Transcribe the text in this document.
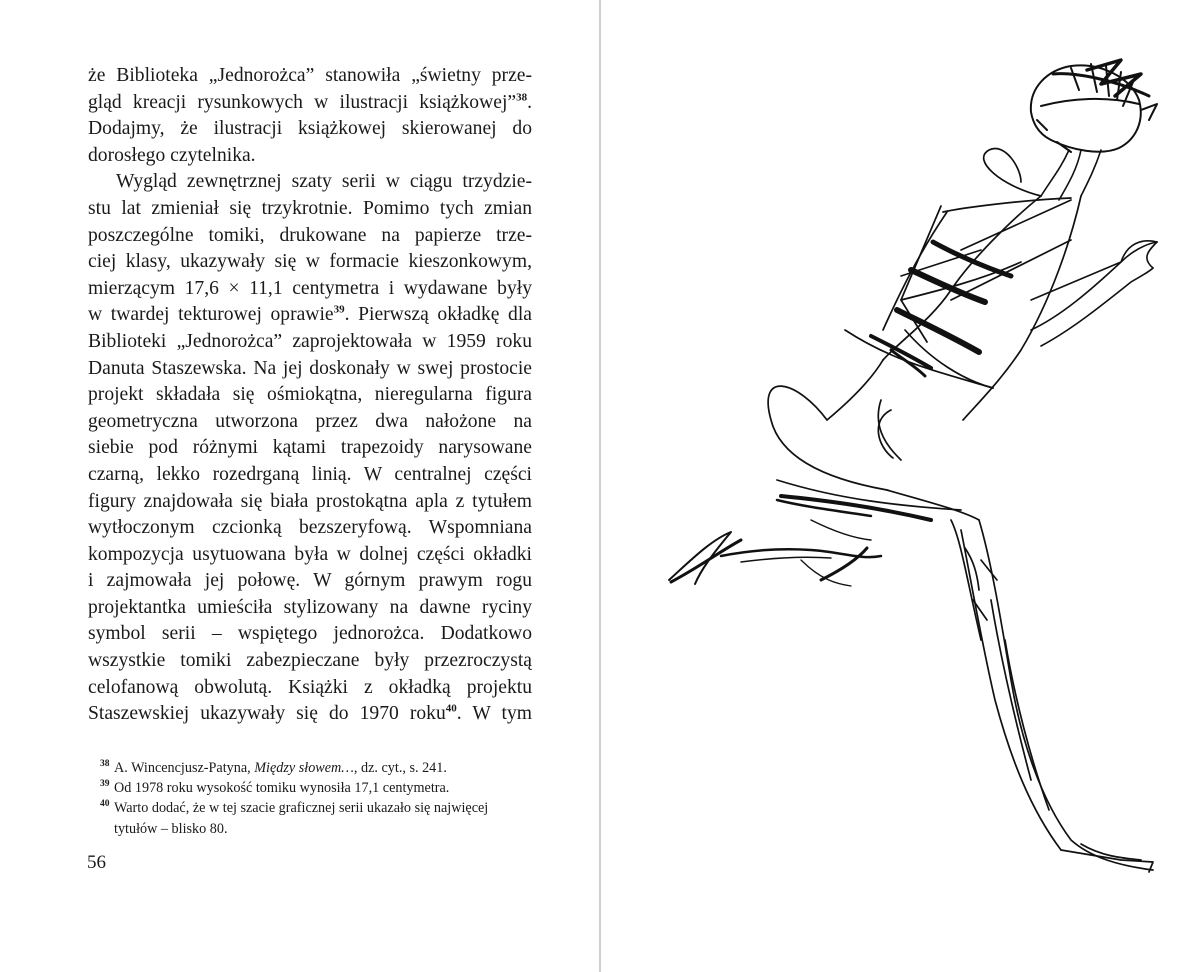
że Biblioteka „Jednorożca” stanowiła „świetny prze-
gląd kreacji rysunkowych w ilustracji książkowej”$^{38}$.
Dodajmy, że ilustracji książkowej skierowanej do
dorosłego czytelnika.
Wygląd zewnętrznej szaty serii w ciągu trzydzie-
stu lat zmieniał się trzykrotnie. Pomimo tych zmian
poszczególne tomiki, drukowane na papierze trze-
ciej klasy, ukazywały się w formacie kieszonkowym,
mierzącym 17,6 × 11,1 centymetra i wydawane były
w twardej tekturowej oprawie$^{39}$. Pierwszą okładkę dla
Biblioteki „Jednorożca” zaprojektowała w 1959 roku
Danuta Staszewska. Na jej doskonały w swej prostocie
projekt składała się ośmiokątna, nieregularna figura
geometryczna utworzona przez dwa nałożone na
siebie pod różnymi kątami trapezoidy narysowane
czarną, lekko rozedrganą linią. W centralnej części
figury znajdowała się biała prostokątna apla z tytułem
wytłoczonym czcionką bezszeryfową. Wspomniana
kompozycja usytuowana była w dolnej części okładki
i zajmowała jej połowę. W górnym prawym rogu
projektantka umieściła stylizowany na dawne ryciny
symbol serii – wspiętego jednorożca. Dodatkowo
wszystkie tomiki zabezpieczane były przezroczystą
celofanową obwolutą. Książki z okładką projektu
Staszewskiej ukazywały się do 1970 roku$^{40}$. W tym
38 A. Wincencjusz-Patyna, Między słowem…, dz. cyt., s. 241.
39 Od 1978 roku wysokość tomiku wynosiła 17,1 centymetra.
40 Warto dodać, że w tej szacie graficznej serii ukazało się najwięcej
tytułów – blisko 80.
56
